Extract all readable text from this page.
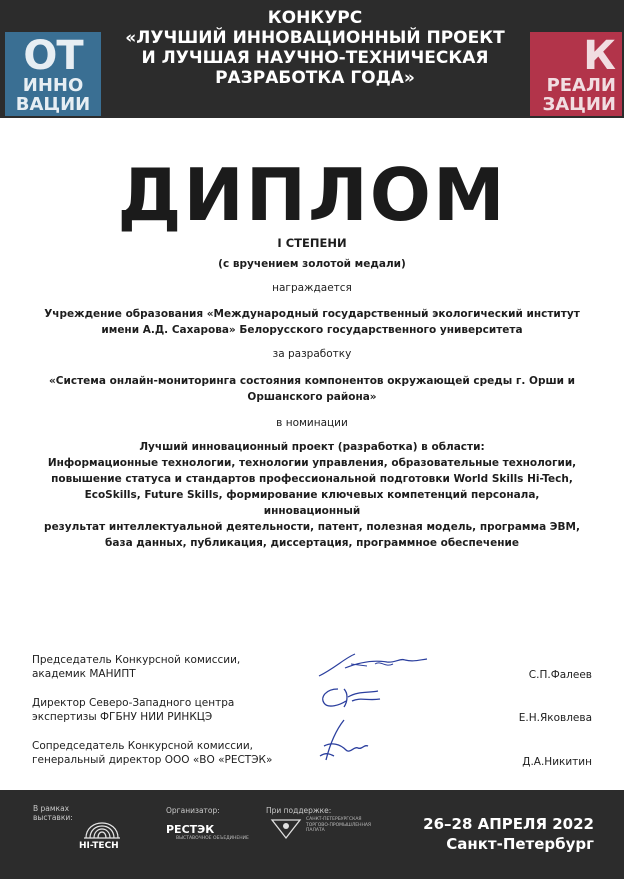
ОТ
ИННО
ВАЦИИ
КОНКУРС
«ЛУЧШИЙ ИННОВАЦИОННЫЙ ПРОЕКТ
И ЛУЧШАЯ НАУЧНО-ТЕХНИЧЕСКАЯ
РАЗРАБОТКА ГОДА»	К
РЕАЛИ
ЗАЦИИ
ДИПЛОМ
I СТЕПЕНИ
(с вручением золотой медали)
награждается
Учреждение образования «Международный государственный экологический институт
имени А.Д. Сахарова» Белорусского государственного университета
за разработку
«Система онлайн-мониторинга состояния компонентов окружающей среды г. Орши и
Оршанского района»
в номинации
Лучший инновационный проект (разработка) в области:
Информационные технологии, технологии управления, образовательные технологии,
повышение статуса и стандартов профессиональной подготовки World Skills Hi-Tech,
EcoSkills, Future Skills, формирование ключевых компетенций персонала, инновационный
результат интеллектуальной деятельности, патент, полезная модель, программа ЭВМ,
база данных, публикация, диссертация, программное обеспечение
Председатель Конкурсной комиссии,
академик МАНИПТ	С.П.Фалеев
Директор Северо-Западного центра
экспертизы ФГБНУ НИИ РИНКЦЭ	Е.Н.Яковлева
Сопредседатель Конкурсной комиссии,
генеральный директор ООО «ВО «РЕСТЭК»	Д.А.Никитин
В рамках
выставки:
HI-TECH
Организатор:
РЕСТЭК
ВЫСТАВОЧНОЕ ОБЪЕДИНЕНИЕ
При поддержке:
САНКТ-ПЕТЕРБУРГСКАЯ
ТОРГОВО-ПРОМЫШЛЕННАЯ
ПАЛАТА	26–28 АПРЕЛЯ 2022
Санкт-Петербург
